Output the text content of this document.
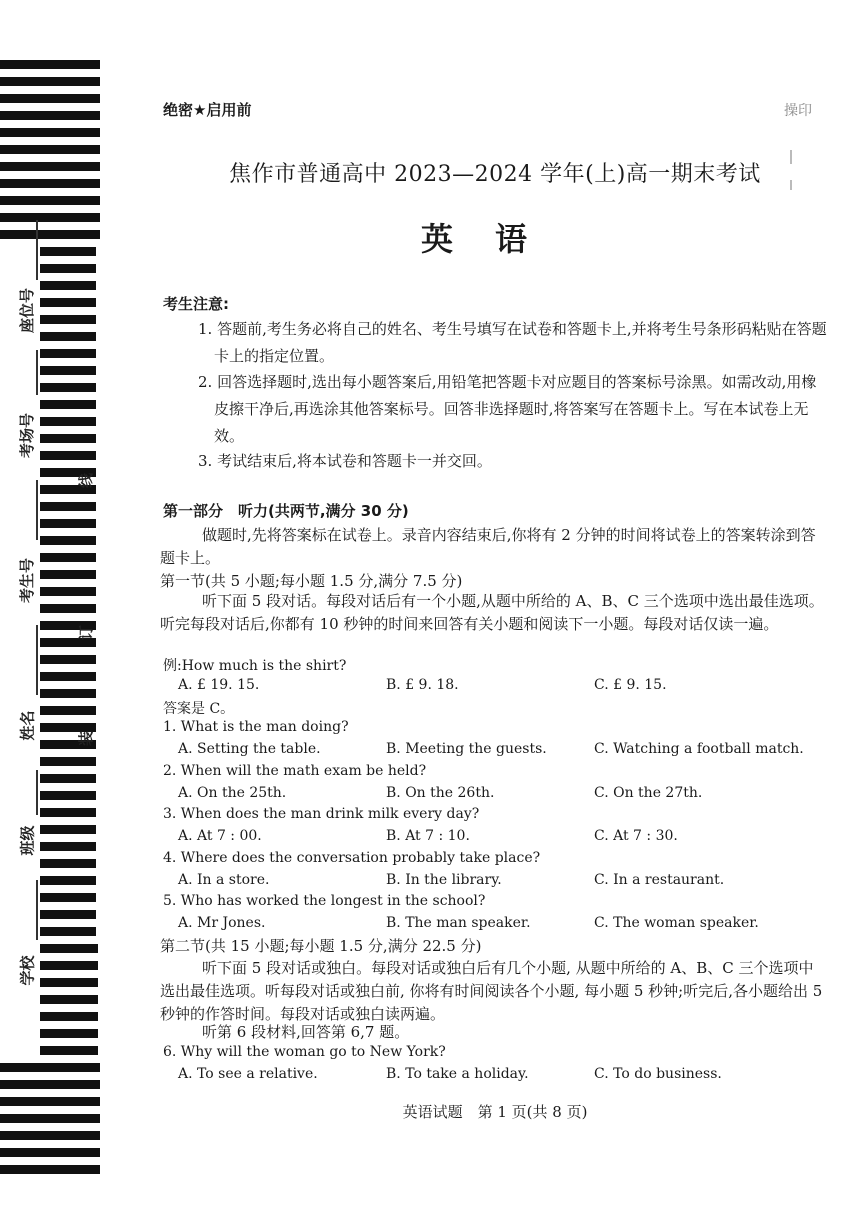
座位号
考场号
考生号
姓名
班级
学校
线
订
装
操印
绝密★启用前
焦作市普通高中 2023—2024 学年(上)高一期末考试
英语
考生注意:
1. 答题前,考生务必将自己的姓名、考生号填写在试卷和答题卡上,并将考生号条形码粘贴在答题卡上的指定位置。
2. 回答选择题时,选出每小题答案后,用铅笔把答题卡对应题目的答案标号涂黑。如需改动,用橡皮擦干净后,再选涂其他答案标号。回答非选择题时,将答案写在答题卡上。写在本试卷上无效。
3. 考试结束后,将本试卷和答题卡一并交回。
第一部分　听力(共两节,满分 30 分)
做题时,先将答案标在试卷上。录音内容结束后,你将有 2 分钟的时间将试卷上的答案转涂到答题卡上。
第一节(共 5 小题;每小题 1.5 分,满分 7.5 分)
听下面 5 段对话。每段对话后有一个小题,从题中所给的 A、B、C 三个选项中选出最佳选项。听完每段对话后,你都有 10 秒钟的时间来回答有关小题和阅读下一小题。每段对话仅读一遍。
例:How much is the shirt?
A. £ 19. 15.	B. £ 9. 18.	C. £ 9. 15.
答案是 C。
1. What is the man doing?
A. Setting the table.	B. Meeting the guests.	C. Watching a football match.
2. When will the math exam be held?
A. On the 25th.	B. On the 26th.	C. On the 27th.
3. When does the man drink milk every day?
A. At 7 : 00.	B. At 7 : 10.	C. At 7 : 30.
4. Where does the conversation probably take place?
A. In a store.	B. In the library.	C. In a restaurant.
5. Who has worked the longest in the school?
A. Mr Jones.	B. The man speaker.	C. The woman speaker.
第二节(共 15 小题;每小题 1.5 分,满分 22.5 分)
听下面 5 段对话或独白。每段对话或独白后有几个小题, 从题中所给的 A、B、C 三个选项中选出最佳选项。听每段对话或独白前, 你将有时间阅读各个小题, 每小题 5 秒钟;听完后,各小题给出 5 秒钟的作答时间。每段对话或独白读两遍。
听第 6 段材料,回答第 6,7 题。
6. Why will the woman go to New York?
A. To see a relative.	B. To take a holiday.	C. To do business.
英语试题　第 1 页(共 8 页)
